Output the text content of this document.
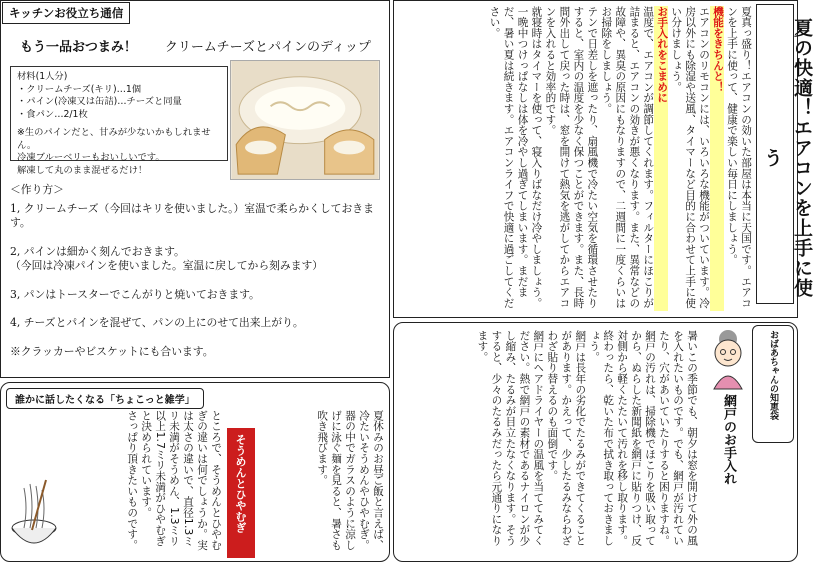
キッチンお役立ち通信
もう一品おつまみ！ クリームチーズとパインのディップ
材料(1人分)
・クリームチーズ(キリ)…1個
・パイン(冷凍又は缶詰)…チーズと同量
・食パン…2/1枚
※生のパインだと、甘みが少ないかもしれません。
冷凍ブルーベリーもおいしいです。
解凍して丸のまま混ぜるだけ！
＜作り方＞
1, クリームチーズ（今回はキリを使いました。）室温で柔らかくしておきます。
2, パインは細かく刻んでおきます。
（今回は冷凍パインを使いました。室温に戻してから刻みます）
3, パンはトースターでこんがりと焼いておきます。
4, チーズとパインを混ぜて、パンの上にのせて出来上がり。
※クラッカーやビスケットにも合います。
夏の快適！エアコンを上手に使う

夏真っ盛り！エアコンの効いた部屋は本当に天国です。エアコンを上手に使って、健康で楽しい毎日にしましょう。

機能をきちんと！

エアコンのリモコンには、いろいろな機能がついています。冷房以外にも除湿や送風、タイマーなど目的に合わせて上手に使い分けましょう。

お手入れをこまめに

温度で、エアコンが調節してくれます。フィルターにほこりが詰まると、エアコンの効きが悪くなります。また、異常などの故障や、異臭の原因にもなりますので、二週間に一度くらいはお掃除をしましょう。

テンで日差しを遮ったり、扇風機で冷たい空気を循環させたりすると、室内の温度を少なく保つことができます。また、長時間外出して戻った時は、窓を開けて熱気を逃がしてからエアコンを入れると効率的です。

就寝時はタイマーを使って、寝入りばなだけ冷やしましょう。一晩中つけっぱなしは体を冷やし過ぎてしまいます。まだまだ、暑い夏は続きます。エアコンライフで快適に過ごしてください。

おばあちゃんの知恵袋
網戸のお手入れ

暑いこの季節でも、朝夕は窓を開けて外の風を入れたいものです。でも、網戸が汚れていたり、穴があいていたりすると困りますね。

網戸の汚れは、掃除機でほこりを吸い取ってから、ぬらした新聞紙を網戸に貼りつけ、反対側から軽くたたいて汚れを移し取ります。終わったら、乾いた布で拭き取っておきましょう。

網戸は長年の劣化でたるみができてくることがあります。かえって、少したるみならわざわざ貼り替えるのも面倒です。

網戸にヘアドライヤーの温風を当ててみてください。熱で網戸の素材であるナイロンが少し縮み、たるみが目立たなくなります。そうすると、少々のたるみだったら元通りになります。

誰かに話したくなる「ちょこっと雑学」
そうめんとひやむぎ

ところで、そうめんとひやむぎの違いは何でしょうか。実は太さの違いで、直径1.3ミリ未満がそうめん、1.3ミリ以上1.7ミリ未満がひやむぎと決められています。

さっぱり頂きたいものです。	夏休みのお昼ご飯と言えば、冷たいそうめんやひやむぎ。器の中でガラスのように涼しげに泳ぐ麺を見ると、暑さも吹き飛びます。
